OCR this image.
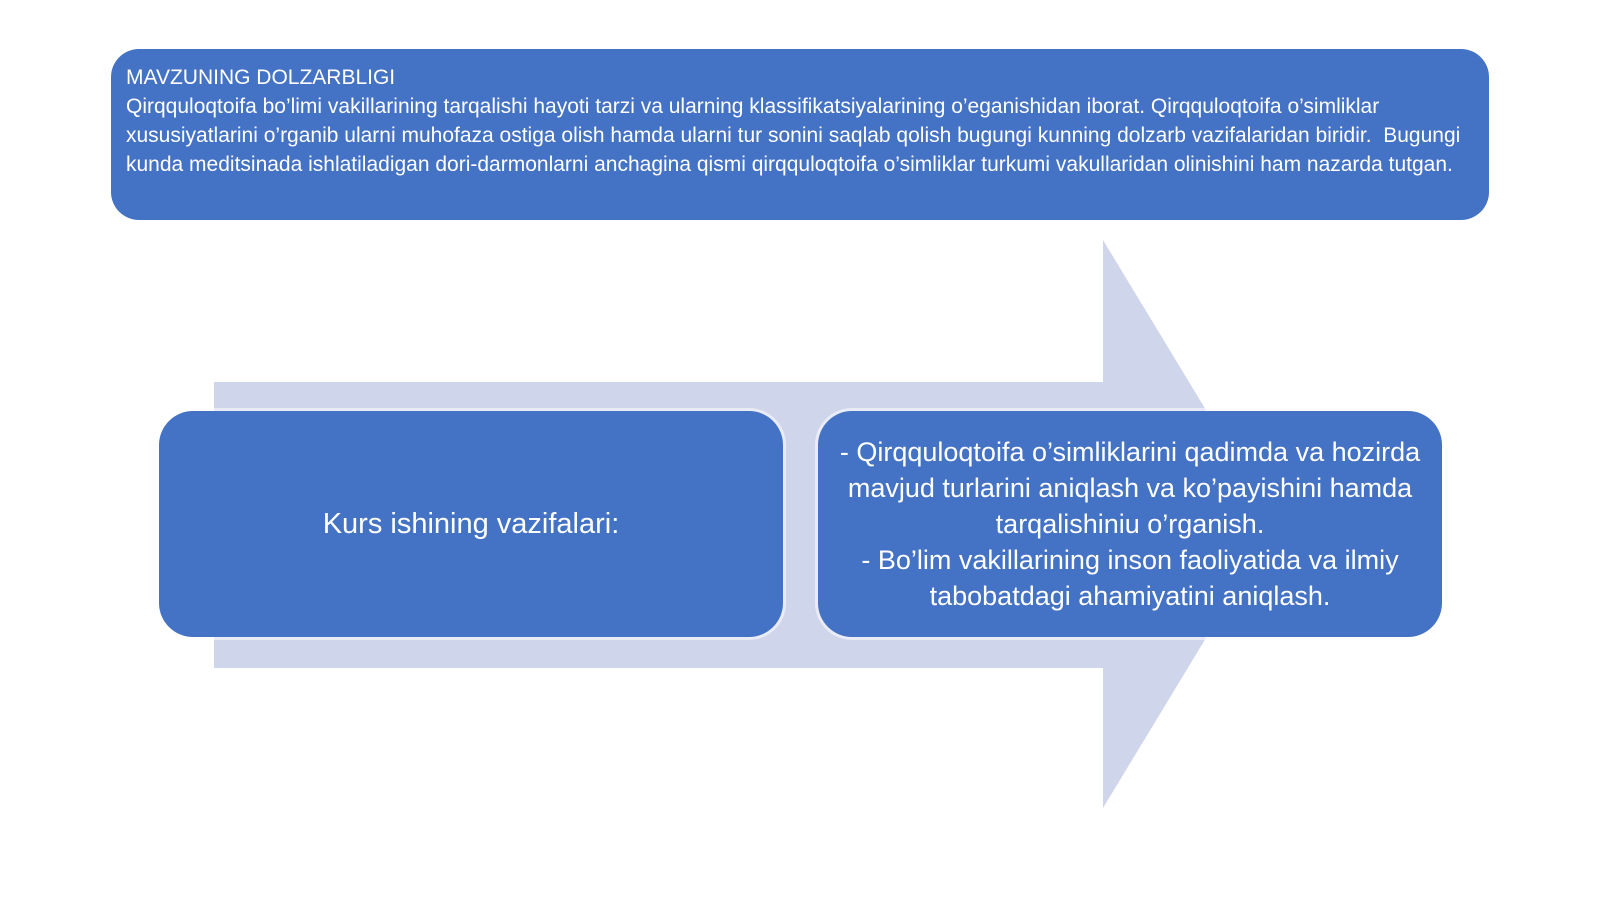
MAVZUNING DOLZARBLIGI
Qirqquloqtoifa bo’limi vakillarining tarqalishi hayoti tarzi va ularning klassifikatsiyalarining o’eganishidan iborat. Qirqquloqtoifa o’simliklar xususiyatlarini o’rganib ularni muhofaza ostiga olish hamda ularni tur sonini saqlab qolish bugungi kunning dolzarb vazifalaridan biridir.  Bugungi kunda meditsinada ishlatiladigan dori-darmonlarni anchagina qismi qirqquloqtoifa o’simliklar turkumi vakullaridan olinishini ham nazarda tutgan.
Kurs ishining vazifalari:
- Qirqquloqtoifa o’simliklarini qadimda va hozirda mavjud turlarini aniqlash va ko’payishini hamda tarqalishiniu o’rganish.
- Bo’lim vakillarining inson faoliyatida va ilmiy tabobatdagi ahamiyatini aniqlash.
